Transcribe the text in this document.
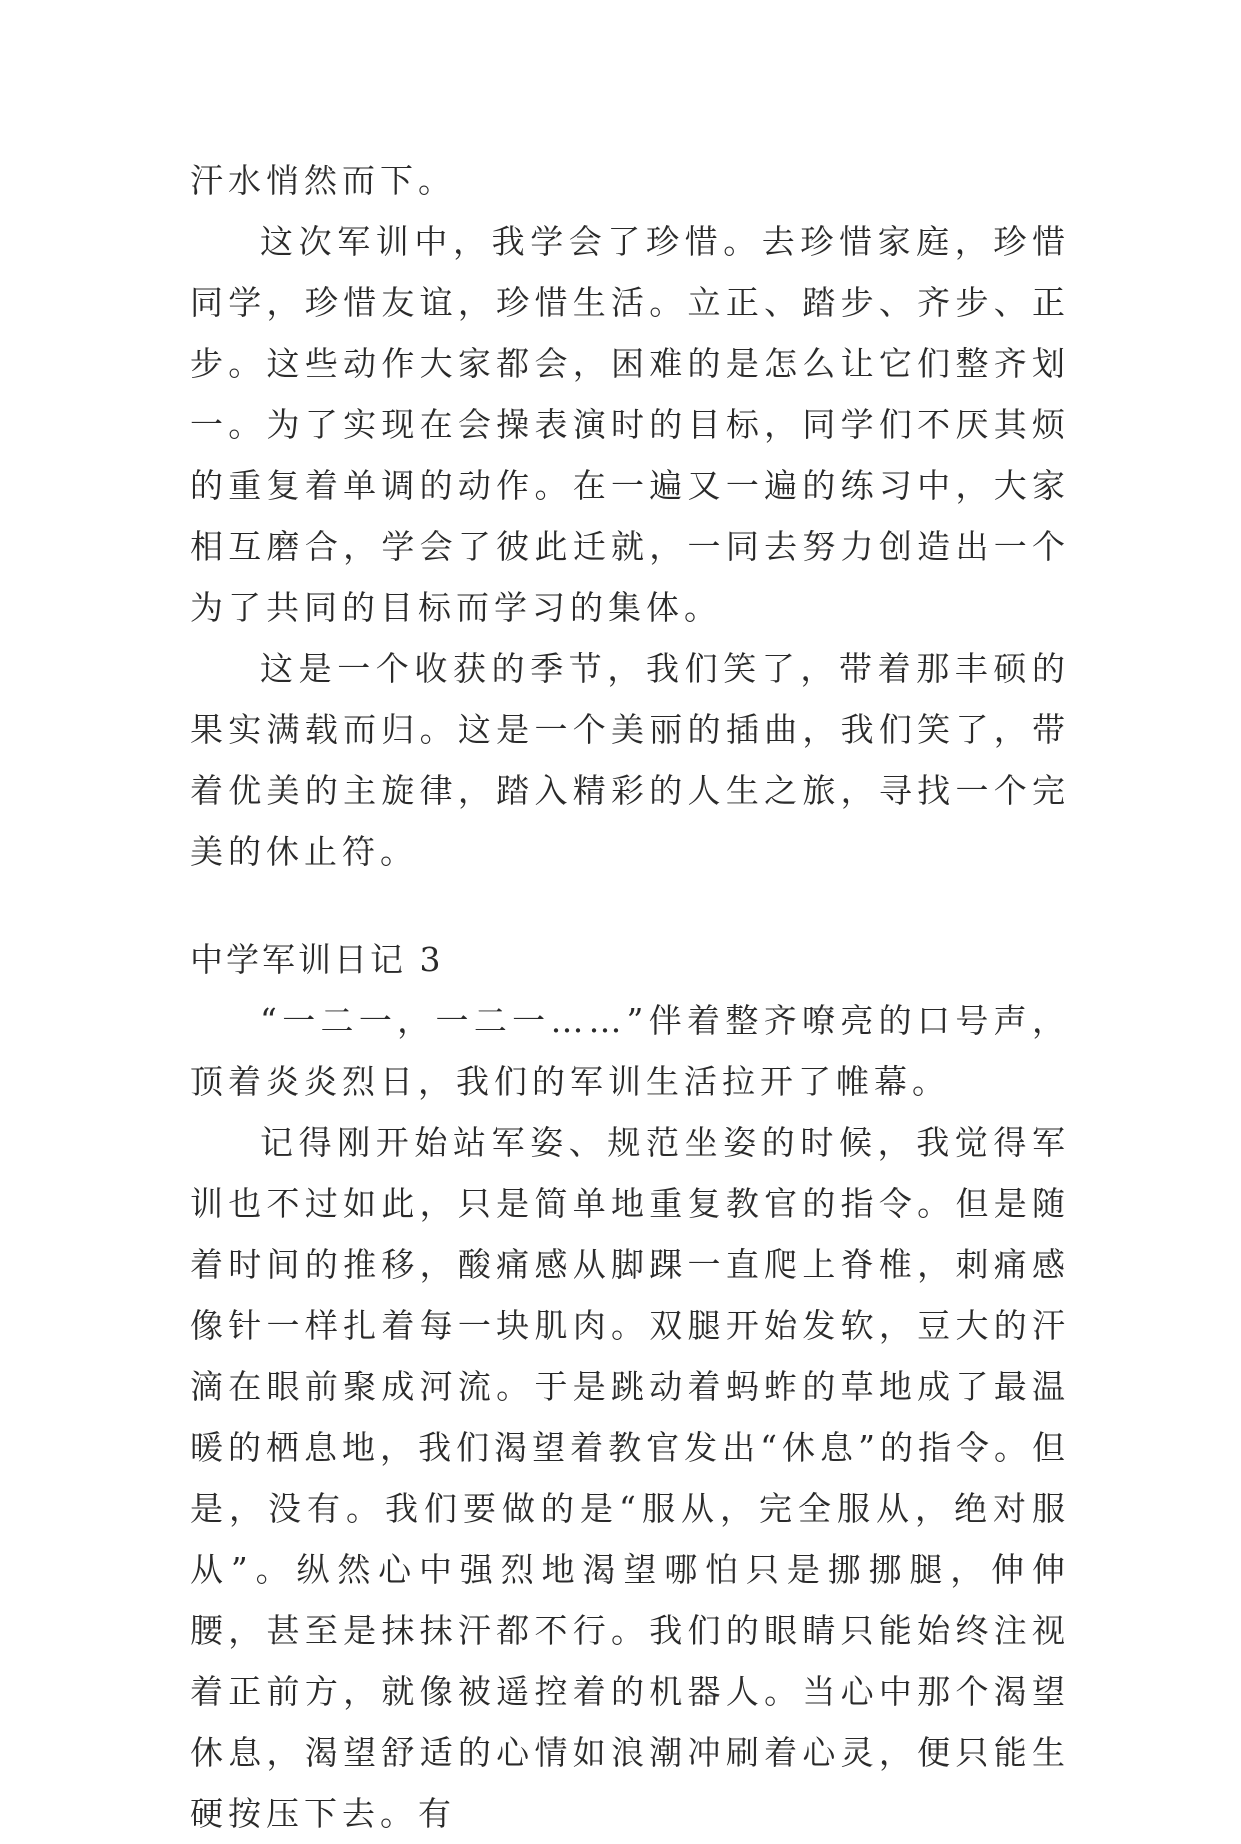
汗水悄然而下。

这次军训中，我学会了珍惜。去珍惜家庭，珍惜同学，珍惜友谊，珍惜生活。立正、踏步、齐步、正步。这些动作大家都会，困难的是怎么让它们整齐划一。为了实现在会操表演时的目标，同学们不厌其烦的重复着单调的动作。在一遍又一遍的练习中，大家相互磨合，学会了彼此迁就，一同去努力创造出一个为了共同的目标而学习的集体。

这是一个收获的季节，我们笑了，带着那丰硕的果实满载而归。这是一个美丽的插曲，我们笑了，带着优美的主旋律，踏入精彩的人生之旅，寻找一个完美的休止符。

中学军训日记 3

“一二一，一二一……”伴着整齐嘹亮的口号声，顶着炎炎烈日，我们的军训生活拉开了帷幕。

记得刚开始站军姿、规范坐姿的时候，我觉得军训也不过如此，只是简单地重复教官的指令。但是随着时间的推移，酸痛感从脚踝一直爬上脊椎，刺痛感像针一样扎着每一块肌肉。双腿开始发软，豆大的汗滴在眼前聚成河流。于是跳动着蚂蚱的草地成了最温暖的栖息地，我们渴望着教官发出“休息”的指令。但是，没有。我们要做的是“服从，完全服从，绝对服从”。纵然心中强烈地渴望哪怕只是挪挪腿，伸伸腰，甚至是抹抹汗都不行。我们的眼睛只能始终注视着正前方，就像被遥控着的机器人。当心中那个渴望休息，渴望舒适的心情如浪潮冲刷着心灵，便只能生硬按压下去。有
